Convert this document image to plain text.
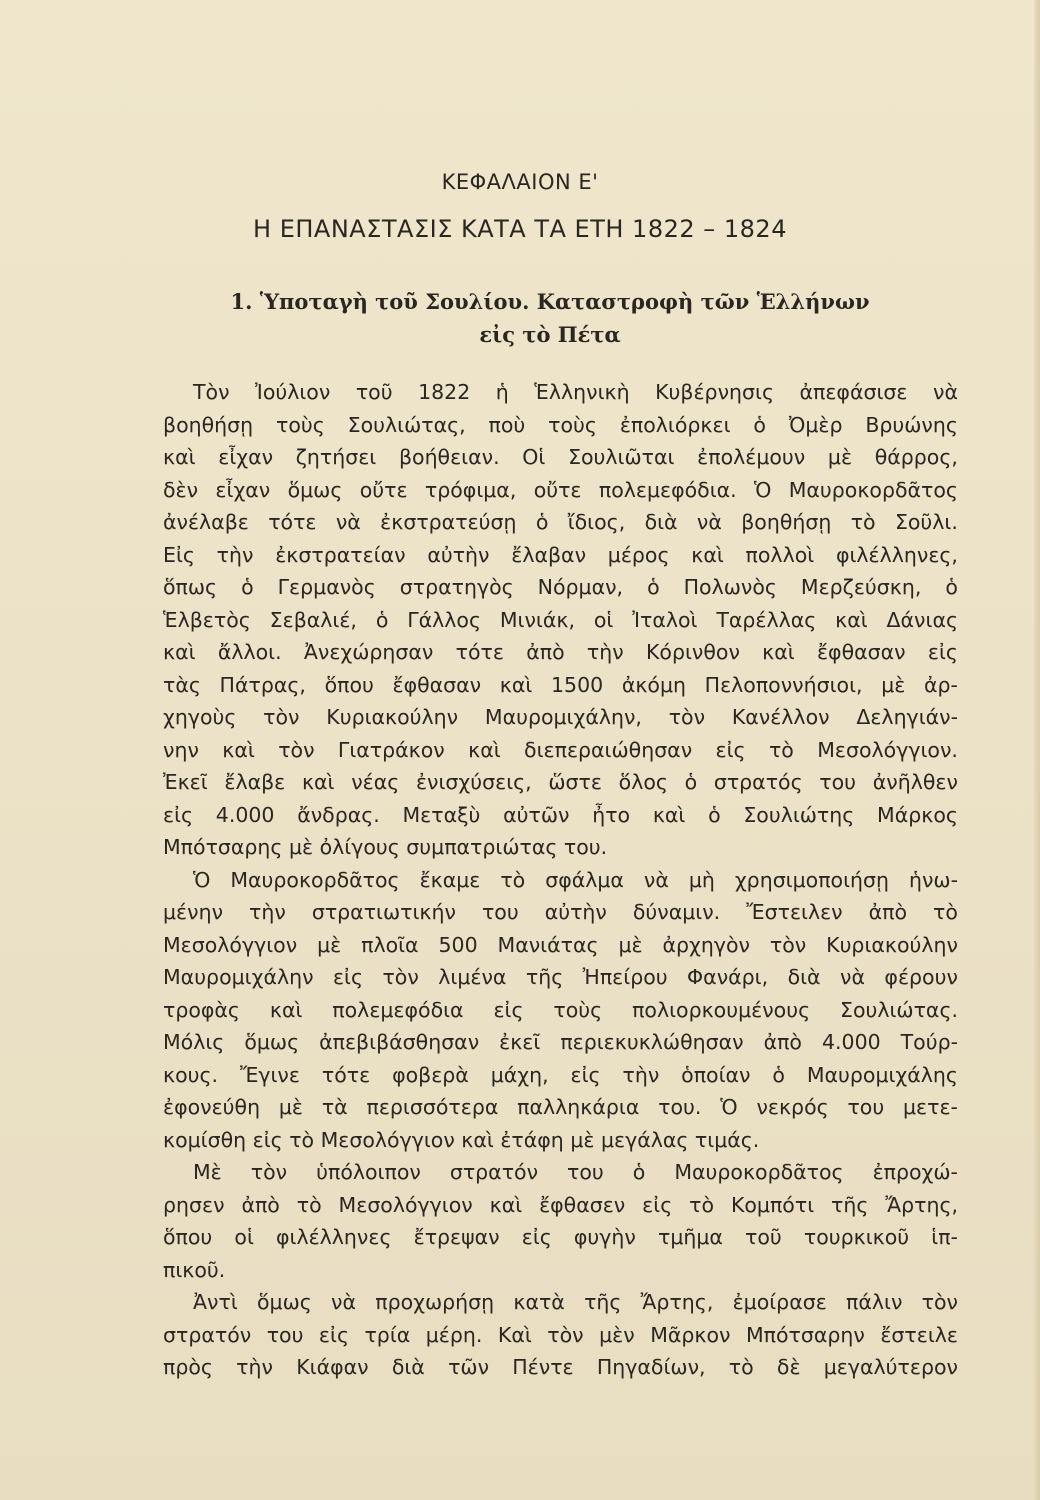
ΚΕΦΑΛΑΙΟΝ Ε'
Η ΕΠΑΝΑΣΤΑΣΙΣ ΚΑΤΑ ΤΑ ΕΤΗ 1822 – 1824
1. Ὑποταγὴ τοῦ Σουλίου. Καταστροφὴ τῶν Ἑλλήνων
εἰς τὸ Πέτα
Τὸν Ἰούλιον τοῦ 1822 ἡ Ἑλληνικὴ Κυβέρνησις ἀπεφάσισε νὰ
βοηθήσῃ τοὺς Σουλιώτας, ποὺ τοὺς ἐπολιόρκει ὁ Ὀμὲρ Βρυώνης
καὶ εἶχαν ζητήσει βοήθειαν. Οἱ Σουλιῶται ἐπολέμουν μὲ θάρρος,
δὲν εἶχαν ὅμως οὔτε τρόφιμα, οὔτε πολεμεφόδια. Ὁ Μαυροκορδᾶτος
ἀνέλαβε τότε νὰ ἐκστρατεύσῃ ὁ ἴδιος, διὰ νὰ βοηθήσῃ τὸ Σοῦλι.
Εἰς τὴν ἐκστρατείαν αὐτὴν ἔλαβαν μέρος καὶ πολλοὶ φιλέλληνες,
ὅπως ὁ Γερμανὸς στρατηγὸς Νόρμαν, ὁ Πολωνὸς Μερζεύσκη, ὁ
Ἑλβετὸς Σεβαλιέ, ὁ Γάλλος Μινιάκ, οἱ Ἰταλοὶ Ταρέλλας καὶ Δάνιας
καὶ ἄλλοι. Ἀνεχώρησαν τότε ἀπὸ τὴν Κόρινθον καὶ ἔφθασαν εἰς
τὰς Πάτρας, ὅπου ἔφθασαν καὶ 1500 ἀκόμη Πελοποννήσιοι, μὲ ἀρ-
χηγοὺς τὸν Κυριακούλην Μαυρομιχάλην, τὸν Κανέλλον Δεληγιάν-
νην καὶ τὸν Γιατράκον καὶ διεπεραιώθησαν εἰς τὸ Μεσολόγγιον.
Ἐκεῖ ἔλαβε καὶ νέας ἐνισχύσεις, ὥστε ὅλος ὁ στρατός του ἀνῆλθεν
εἰς 4.000 ἄνδρας. Μεταξὺ αὐτῶν ἦτο καὶ ὁ Σουλιώτης Μάρκος
Μπότσαρης μὲ ὀλίγους συμπατριώτας του.
Ὁ Μαυροκορδᾶτος ἔκαμε τὸ σφάλμα νὰ μὴ χρησιμοποιήσῃ ἡνω-
μένην τὴν στρατιωτικήν του αὐτὴν δύναμιν. Ἔστειλεν ἀπὸ τὸ
Μεσολόγγιον μὲ πλοῖα 500 Μανιάτας μὲ ἀρχηγὸν τὸν Κυριακούλην
Μαυρομιχάλην εἰς τὸν λιμένα τῆς Ἠπείρου Φανάρι, διὰ νὰ φέρουν
τροφὰς καὶ πολεμεφόδια εἰς τοὺς πολιορκουμένους Σουλιώτας.
Μόλις ὅμως ἀπεβιβάσθησαν ἐκεῖ περιεκυκλώθησαν ἀπὸ 4.000 Τούρ-
κους. Ἔγινε τότε φοβερὰ μάχη, εἰς τὴν ὁποίαν ὁ Μαυρομιχάλης
ἐφονεύθη μὲ τὰ περισσότερα παλληκάρια του. Ὁ νεκρός του μετε-
κομίσθη εἰς τὸ Μεσολόγγιον καὶ ἐτάφη μὲ μεγάλας τιμάς.
Μὲ τὸν ὑπόλοιπον στρατόν του ὁ Μαυροκορδᾶτος ἐπροχώ-
ρησεν ἀπὸ τὸ Μεσολόγγιον καὶ ἔφθασεν εἰς τὸ Κομπότι τῆς Ἄρτης,
ὅπου οἱ φιλέλληνες ἔτρεψαν εἰς φυγὴν τμῆμα τοῦ τουρκικοῦ ἱπ-
πικοῦ.
Ἀντὶ ὅμως νὰ προχωρήσῃ κατὰ τῆς Ἄρτης, ἐμοίρασε πάλιν τὸν
στρατόν του εἰς τρία μέρη. Καὶ τὸν μὲν Μᾶρκον Μπότσαρην ἔστειλε
πρὸς τὴν Κιάφαν διὰ τῶν Πέντε Πηγαδίων, τὸ δὲ μεγαλύτερον
